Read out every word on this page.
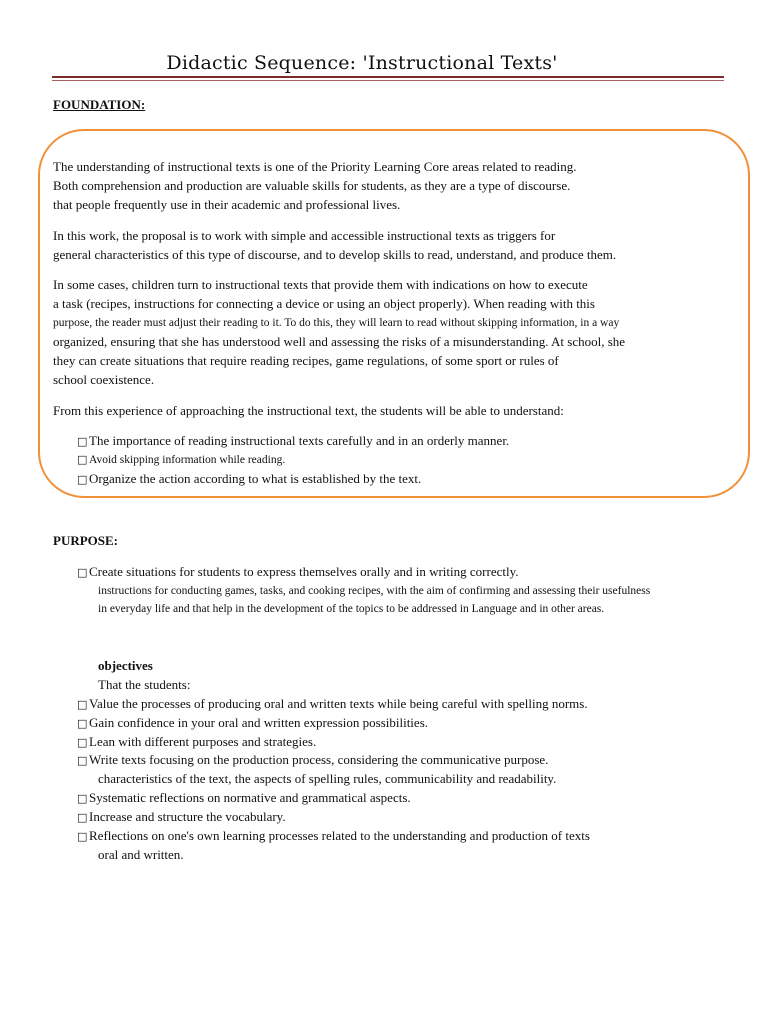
Didactic Sequence: 'Instructional Texts'
FOUNDATION:
The understanding of instructional texts is one of the Priority Learning Core areas related to reading.
Both comprehension and production are valuable skills for students, as they are a type of discourse.
that people frequently use in their academic and professional lives.
In this work, the proposal is to work with simple and accessible instructional texts as triggers for
general characteristics of this type of discourse, and to develop skills to read, understand, and produce them.
In some cases, children turn to instructional texts that provide them with indications on how to execute
a task (recipes, instructions for connecting a device or using an object properly). When reading with this
purpose, the reader must adjust their reading to it. To do this, they will learn to read without skipping information, in a way
organized, ensuring that she has understood well and assessing the risks of a misunderstanding. At school, she
they can create situations that require reading recipes, game regulations, of some sport or rules of
school coexistence.
From this experience of approaching the instructional text, the students will be able to understand:
□ The importance of reading instructional texts carefully and in an orderly manner.
□ Avoid skipping information while reading.
□ Organize the action according to what is established by the text.
PURPOSE:
□ Create situations for students to express themselves orally and in writing correctly.
instructions for conducting games, tasks, and cooking recipes, with the aim of confirming and assessing their usefulness
in everyday life and that help in the development of the topics to be addressed in Language and in other areas.
objectives
That the students:
□ Value the processes of producing oral and written texts while being careful with spelling norms.
□ Gain confidence in your oral and written expression possibilities.
□ Lean with different purposes and strategies.
□ Write texts focusing on the production process, considering the communicative purpose.
characteristics of the text, the aspects of spelling rules, communicability and readability.
□ Systematic reflections on normative and grammatical aspects.
□ Increase and structure the vocabulary.
□ Reflections on one's own learning processes related to the understanding and production of texts
oral and written.
